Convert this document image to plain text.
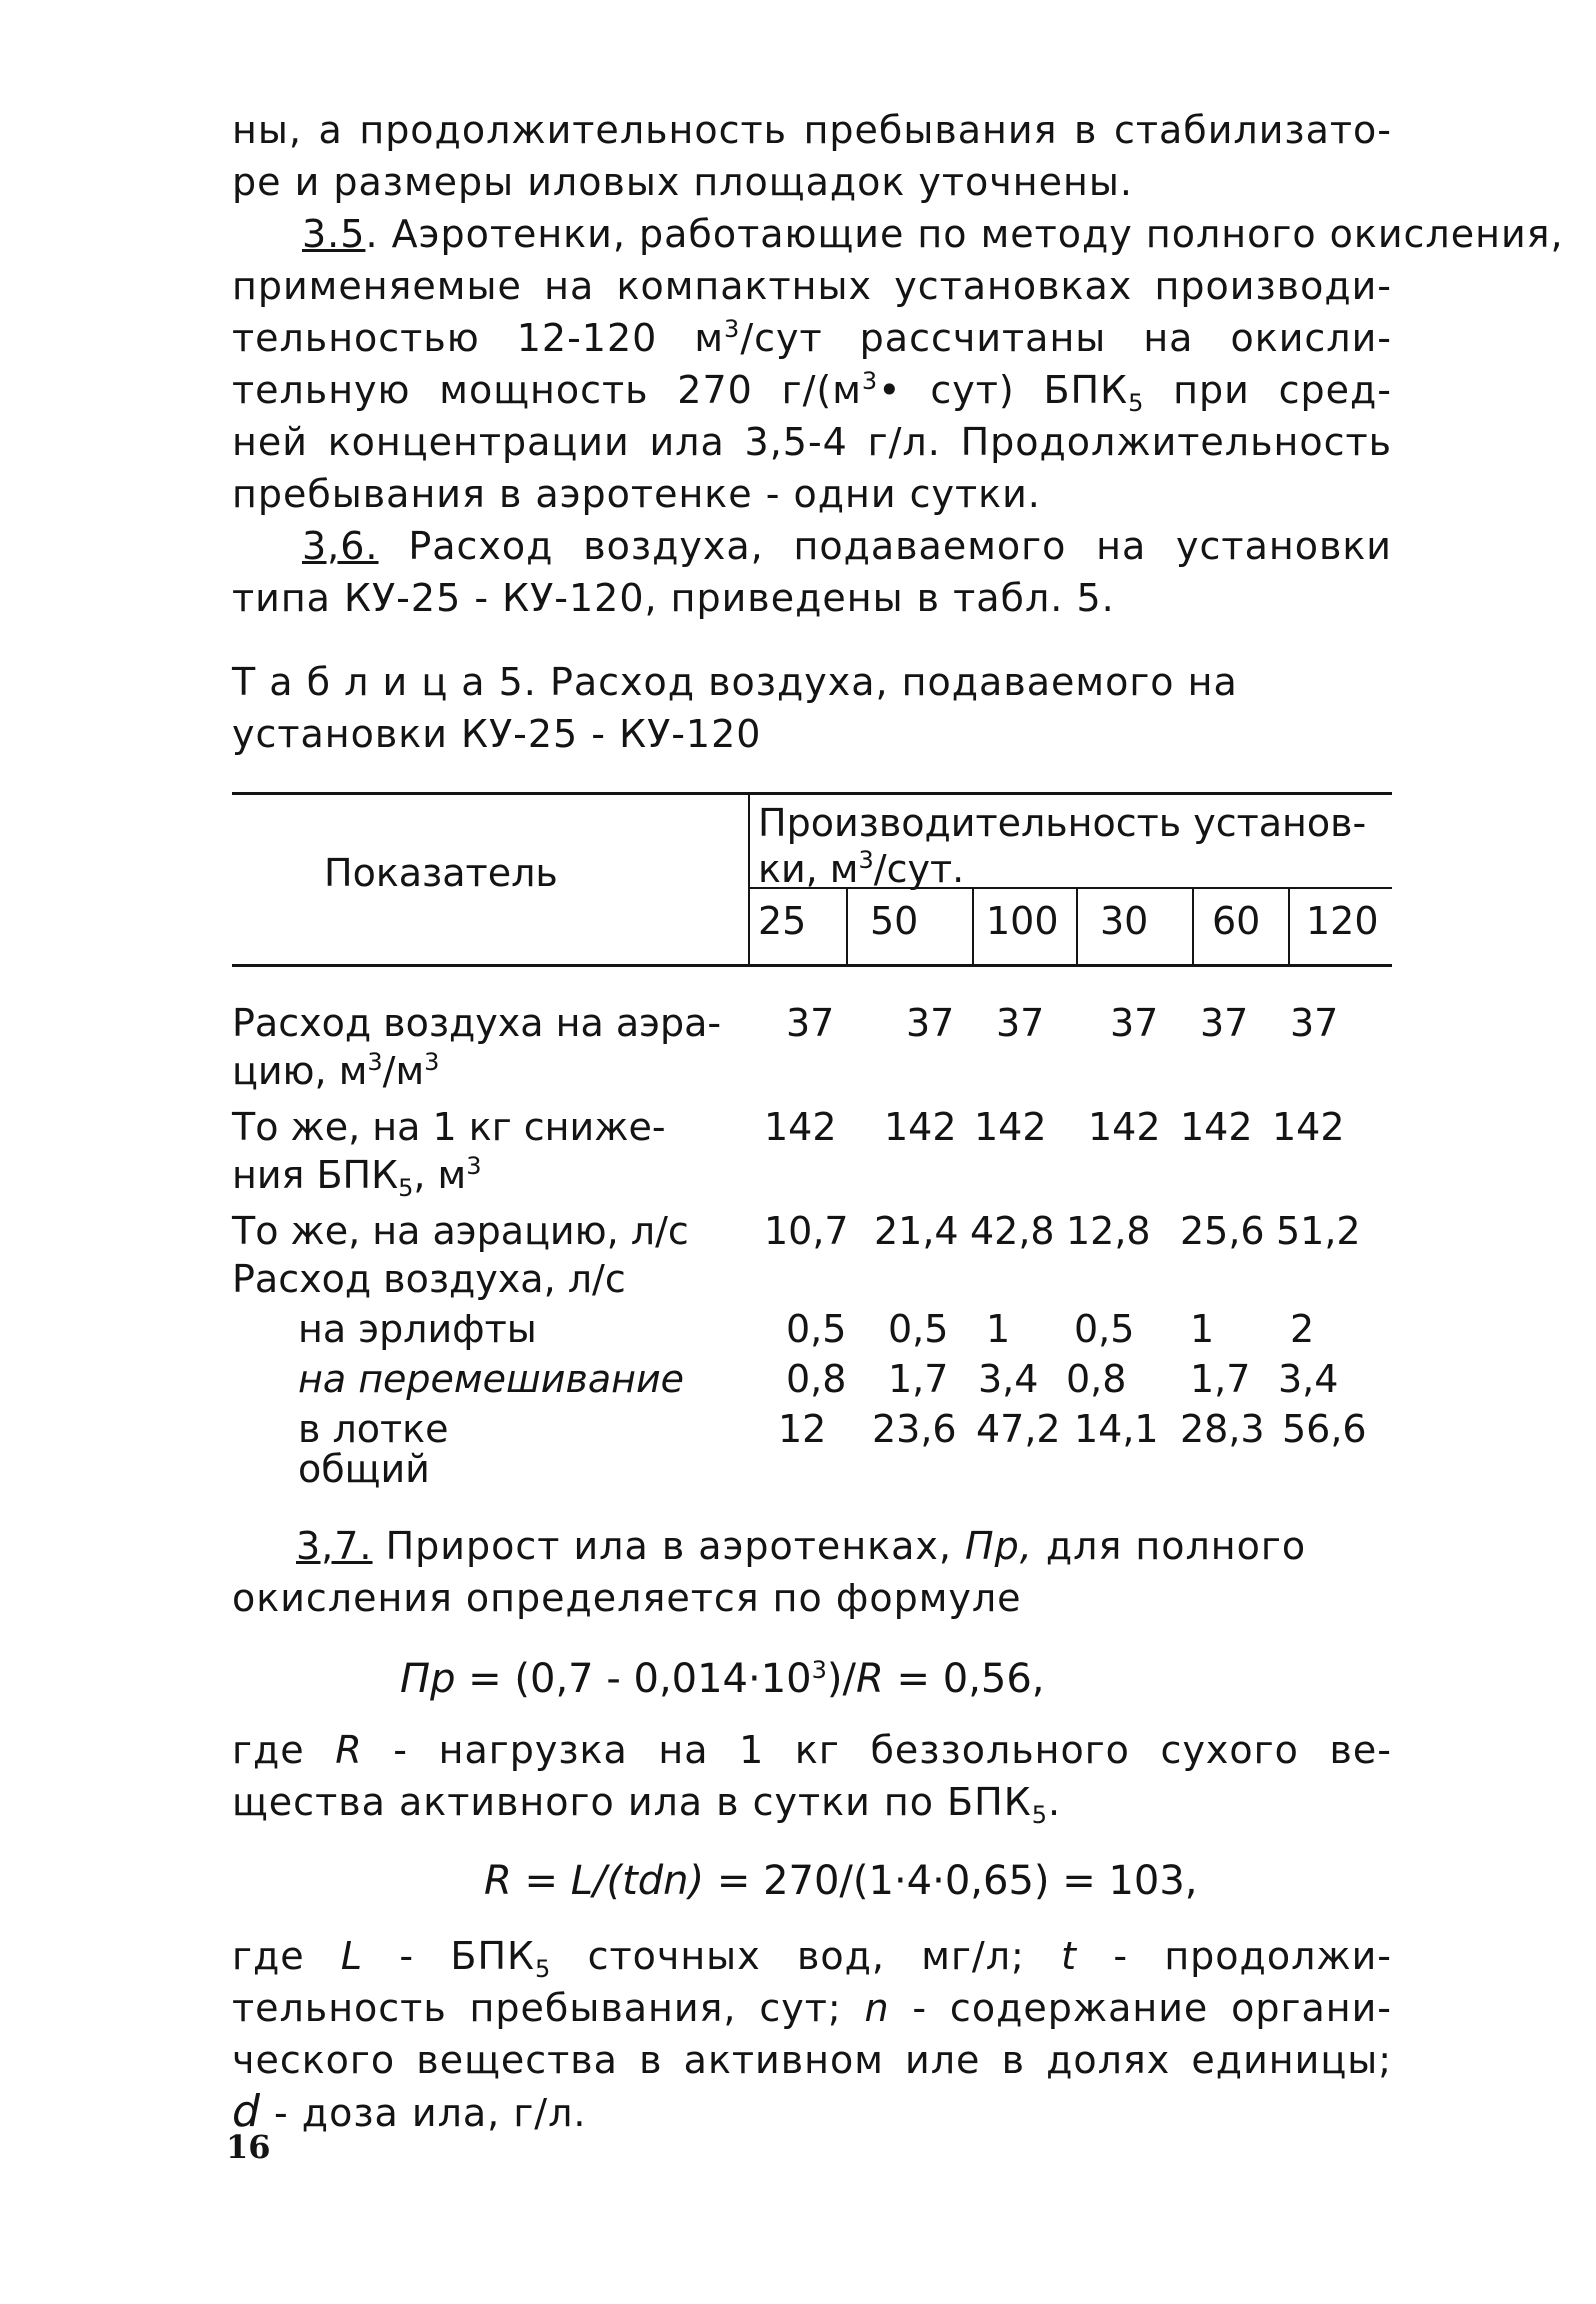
ны, а продолжительность пребывания в стабилизато-
ре и размеры иловых площадок уточнены.
3.5. Аэротенки, работающие по методу полного окисления,
применяемые на компактных установках производи-
тельностью 12-120 $м^3$/сут рассчитаны на окисли-
тельную мощность 270 $г/(м^3•$ сут) $БПК_5$ при сред-
ней концентрации ила 3,5-4 г/л. Продолжительность
пребывания в аэротенке - одни сутки.
3,6. Расход воздуха, подаваемого на установки
типа КУ-25 - КУ-120, приведены в табл. 5.
Т а б л и ц а 5. Расход воздуха, подаваемого на
установки КУ-25 - КУ-120
Показатель
Производительность установ-
ки, $м^3$/сут.
25 50 100 30 60 120
Расход воздуха на аэра-
цию, $м^3/м^3$
37 37 37 37 37 37
То же, на 1 кг сниже-
ния $БПК_5$, $м^3$
142 142 142 142 142 142
То же, на аэрацию, л/с 10,7 21,4 42,8 12,8 25,6 51,2
Расход воздуха, л/с
на эрлифты	0,5 0,5 1 0,5 1 2
на перемешивание	0,8 1,7 3,4 0,8 1,7 3,4
в лотке	12 23,6 47,2 14,1 28,3 56,6
общий
3,7. Прирост ила в аэротенках, Пр, для полного
окисления определяется по формуле
Пр = $(0,7 - 0,014\cdot 10^3)/R = 0,56$,
где R - нагрузка на 1 кг беззольного сухого ве-
щества активного ила в сутки по $БПК_5$.
R = L/(tdn) = 270/(1·4·0,65) = 103,
где L - $БПК_5$ сточных вод, мг/л; t - продолжи-
тельность пребывания, сут; n - содержание органи-
ческого вещества в активном иле в долях единицы;
d - доза ила, г/л.
16
